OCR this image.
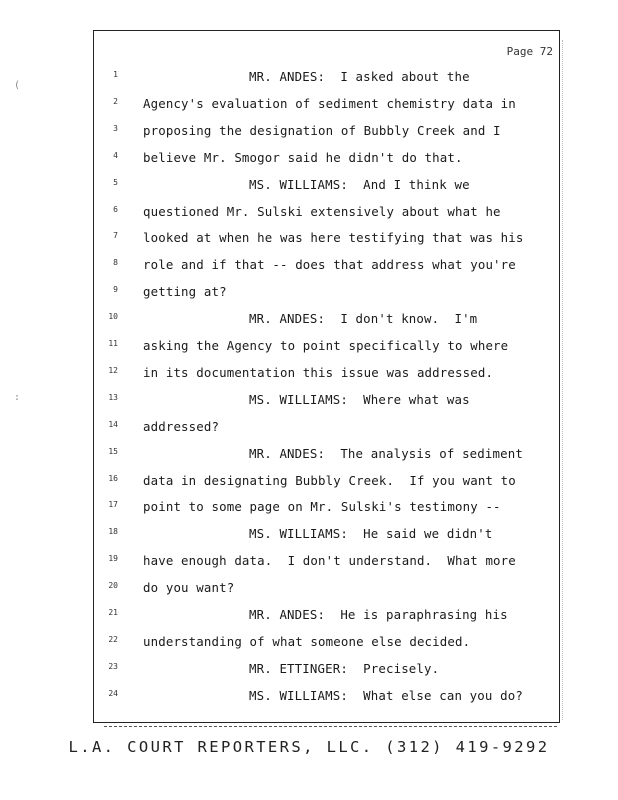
(
:
Page 72
1	MR. ANDES:  I asked about the
2 Agency's evaluation of sediment chemistry data in
3 proposing the designation of Bubbly Creek and I
4 believe Mr. Smogor said he didn't do that.
5	MS. WILLIAMS:  And I think we
6 questioned Mr. Sulski extensively about what he
7 looked at when he was here testifying that was his
8 role and if that -- does that address what you're
9 getting at?
10	MR. ANDES:  I don't know.  I'm
11 asking the Agency to point specifically to where
12 in its documentation this issue was addressed.
13	MS. WILLIAMS:  Where what was
14 addressed?
15	MR. ANDES:  The analysis of sediment
16 data in designating Bubbly Creek.  If you want to
17 point to some page on Mr. Sulski's testimony --
18	MS. WILLIAMS:  He said we didn't
19 have enough data.  I don't understand.  What more
20 do you want?
21	MR. ANDES:  He is paraphrasing his
22 understanding of what someone else decided.
23	MR. ETTINGER:  Precisely.
24	MS. WILLIAMS:  What else can you do?
L.A. COURT REPORTERS, LLC. (312) 419-9292
